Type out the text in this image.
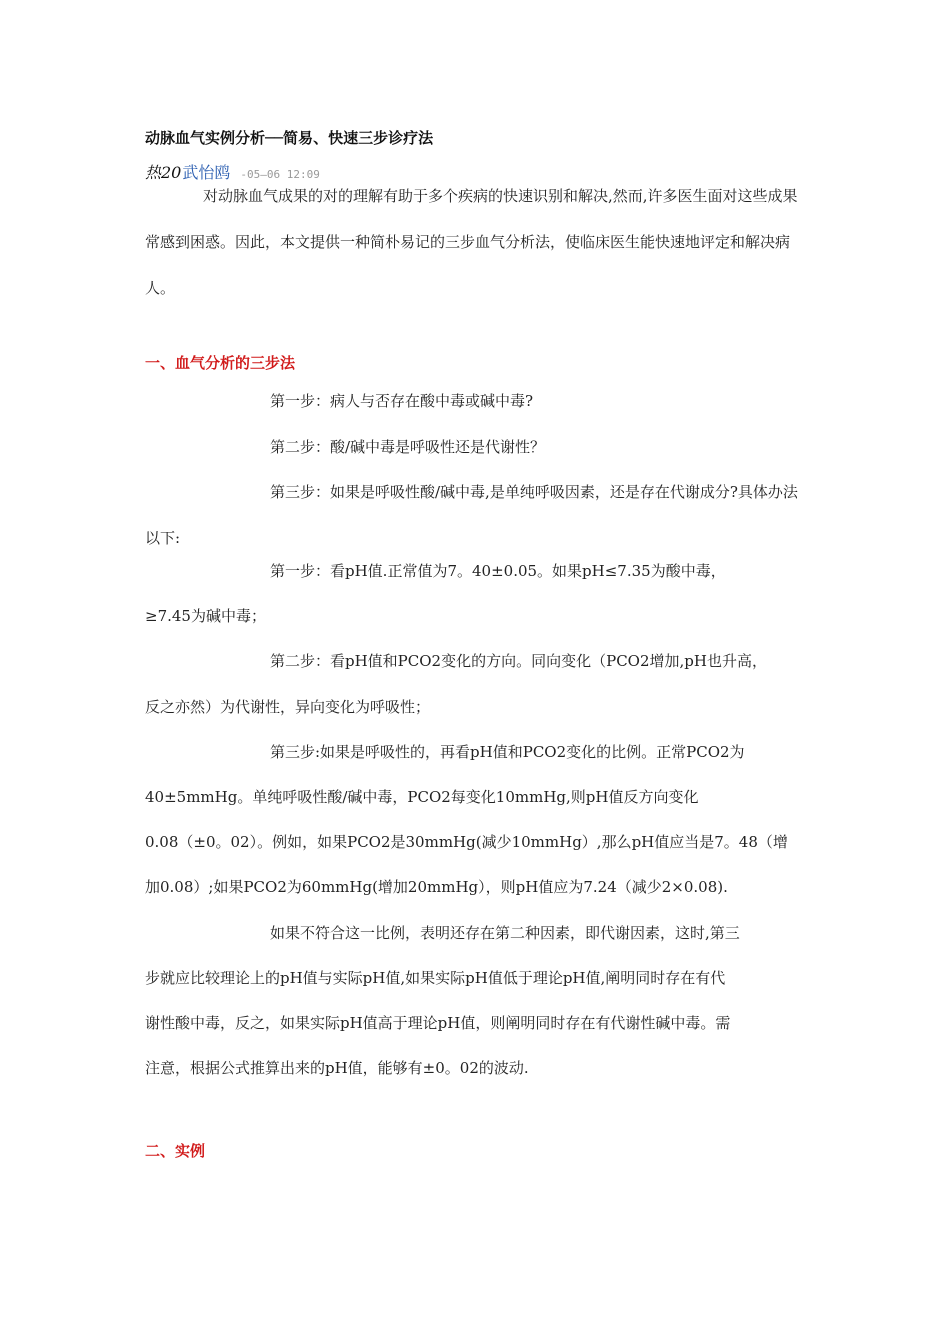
动脉血气实例分析──简易、快速三步诊疗法
热20武怡鸥 -05—06 12:09

对动脉血气成果的对的理解有助于多个疾病的快速识别和解决,然而,许多医生面对这些成果常感到困惑。因此，本文提供一种简朴易记的三步血气分析法，使临床医生能快速地评定和解决病人。

一、血气分析的三步法

第一步：病人与否存在酸中毒或碱中毒?

第二步：酸/碱中毒是呼吸性还是代谢性？

第三步：如果是呼吸性酸/碱中毒,是单纯呼吸因素，还是存在代谢成分?具体办法以下:

第一步：看pH值.正常值为7。40±0.05。如果pH≤7.35为酸中毒，

≥7.45为碱中毒；

第二步：看pH值和PCO2变化的方向。同向变化（PCO2增加,pH也升高，

反之亦然）为代谢性，异向变化为呼吸性；

第三步:如果是呼吸性的，再看pH值和PCO2变化的比例。正常PCO2为

40±5mmHg。单纯呼吸性酸/碱中毒，PCO2每变化10mmHg,则pH值反方向变化

0.08（±0。02）。例如，如果PCO2是30mmHg(减少10mmHg）,那么pH值应当是7。48（增

加0.08）;如果PCO2为60mmHg(增加20mmHg），则pH值应为7.24（减少2×0.08).

如果不符合这一比例，表明还存在第二种因素，即代谢因素，这时,第三

步就应比较理论上的pH值与实际pH值,如果实际pH值低于理论pH值,阐明同时存在有代

谢性酸中毒，反之，如果实际pH值高于理论pH值，则阐明同时存在有代谢性碱中毒。需

注意，根据公式推算出来的pH值，能够有±0。02的波动.

二、实例
